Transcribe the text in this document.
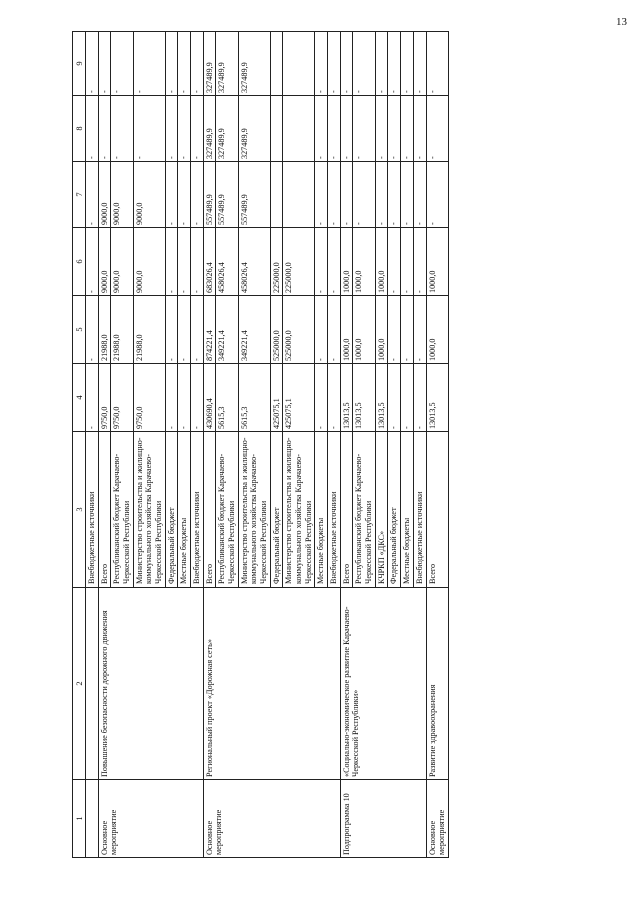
13
1	2	3	4	5	6	7	8	9
		Внебюджетные источники	-	-	-	-	-	-
Основное мероприятие	Повышение безопасности дорожного движения	Всего	9750,0	21988,0	9000,0	9000,0	-	-
		Республиканский бюджет Карачаево-Черкесской Республики	9750,0	21988,0	9000,0	9000,0	-	-
		Министерство строительства и жилищно-коммунального хозяйства Карачаево-Черкесской Республики	9750,0	21988,0	9000,0	9000,0	-	-
		Федеральный бюджет	-	-	-	-	-	-
		Местные бюджеты	-	-	-	-	-	-
		Внебюджетные источники	-	-	-	-	-	-
Основное мероприятие	Региональный проект «Дорожная сеть»	Всего	430690,4	874221,4	683026,4	557489,9	327489,9	327489,9
		Республиканский бюджет Карачаево-Черкесской Республики	5615,3	349221,4	458026,4	557489,9	327489,9	327489,9
		Министерство строительства и жилищно-коммунального хозяйства Карачаево-Черкесской Республики	5615,3	349221,4	458026,4	557489,9	327489,9	327489,9
		Федеральный бюджет	425075,1	525000,0	225000,0			
		Министерство строительства и жилищно-коммунального хозяйства Карачаево-Черкесской Республики	425075,1	525000,0	225000,0			
		Местные бюджеты	-	-	-	-	-	-
		Внебюджетные источники	-	-	-	-	-	-
Подпрограмма 10	«Социально-экономическое развитие Карачаево-Черкесской Республики»	Всего	13013,5	1000,0	1000,0	-	-	-
		Республиканский бюджет Карачаево-Черкесской Республики	13013,5	1000,0	1000,0	-	-	-
		КЧРКП «ДКС»	13013,5	1000,0	1000,0	-	-	-
		Федеральный бюджет	-	-	-	-	-	-
		Местные бюджеты	-	-	-	-	-	-
		Внебюджетные источники	-	-	-	-	-	-
Основное мероприятие	Развитие здравоохранения	Всего	13013,5	1000,0	1000,0	-	-	-
